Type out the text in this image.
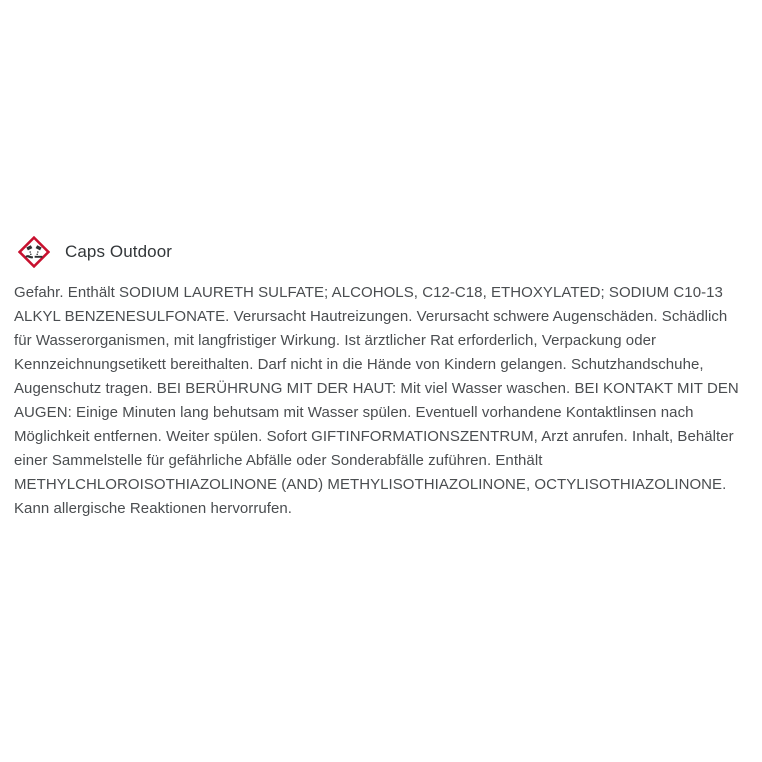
Caps Outdoor

Gefahr. Enthält SODIUM LAURETH SULFATE; ALCOHOLS, C12-C18, ETHOXYLATED; SODIUM C10-13 ALKYL BENZENESULFONATE. Verursacht Hautreizungen. Verursacht schwere Augenschäden. Schädlich für Wasserorganismen, mit langfristiger Wirkung. Ist ärztlicher Rat erforderlich, Verpackung oder Kennzeichnungsetikett bereithalten. Darf nicht in die Hände von Kindern gelangen. Schutzhandschuhe, Augenschutz tragen. BEI BERÜHRUNG MIT DER HAUT: Mit viel Wasser waschen. BEI KONTAKT MIT DEN AUGEN: Einige Minuten lang behutsam mit Wasser spülen. Eventuell vorhandene Kontaktlinsen nach Möglichkeit entfernen. Weiter spülen. Sofort GIFTINFORMATIONSZENTRUM, Arzt anrufen. Inhalt, Behälter einer Sammelstelle für gefährliche Abfälle oder Sonderabfälle zuführen. Enthält METHYLCHLOROISOTHIAZOLINONE (AND) METHYLISOTHIAZOLINONE, OCTYLISOTHIAZOLINONE. Kann allergische Reaktionen hervorrufen.
